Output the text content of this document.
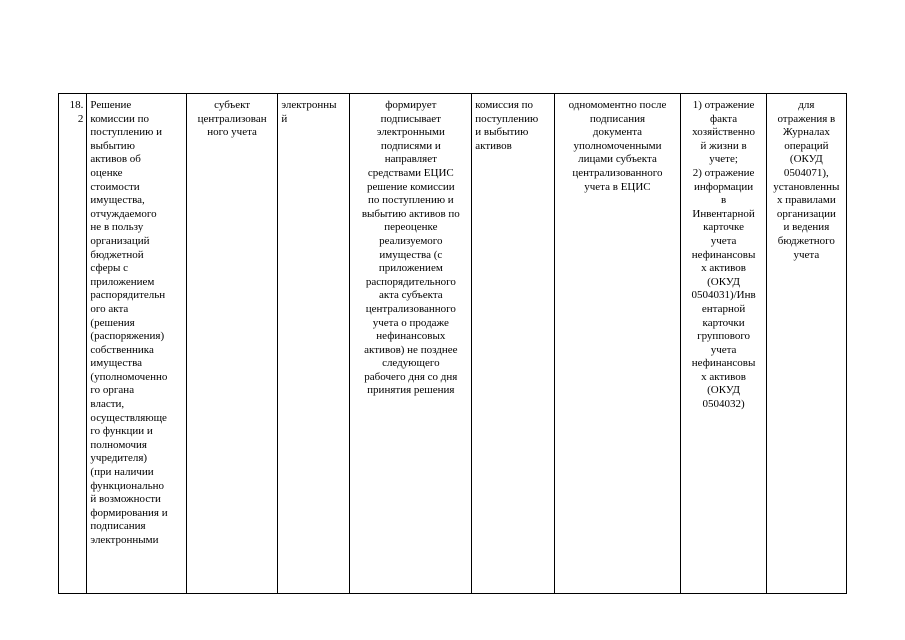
18.
2

Решение
комиссии по
поступлению и
выбытию
активов об
оценке
стоимости
имущества,
отчуждаемого
не в пользу
организаций
бюджетной
сферы с
приложением
распорядительн
ого акта
(решения
(распоряжения)
собственника
имущества
(уполномоченно
го органа
власти,
осуществляюще
го функции и
полномочия
учредителя)
(при наличии
функционально
й возможности
формирования и
подписания
электронными

субъект
централизован
ного учета

электронны
й

формирует
подписывает
электронными
подписями и
направляет
средствами ЕЦИС
решение комиссии
по поступлению и
выбытию активов по
переоценке
реализуемого
имущества (с
приложением
распорядительного
акта субъекта
централизованного
учета о продаже
нефинансовых
активов) не позднее
следующего
рабочего дня со дня
принятия решения

комиссия по
поступлению
и выбытию
активов

одномоментно после
подписания
документа
уполномоченными
лицами субъекта
централизованного
учета в ЕЦИС

1) отражение
факта
хозяйственно
й жизни в
учете;
2) отражение
информации
в
Инвентарной
карточке
учета
нефинансовы
х активов
(ОКУД
0504031)/Инв
ентарной
карточки
группового
учета
нефинансовы
х активов
(ОКУД
0504032)

для
отражения в
Журналах
операций
(ОКУД
0504071),
установленны
х правилами
организации
и ведения
бюджетного
учета
